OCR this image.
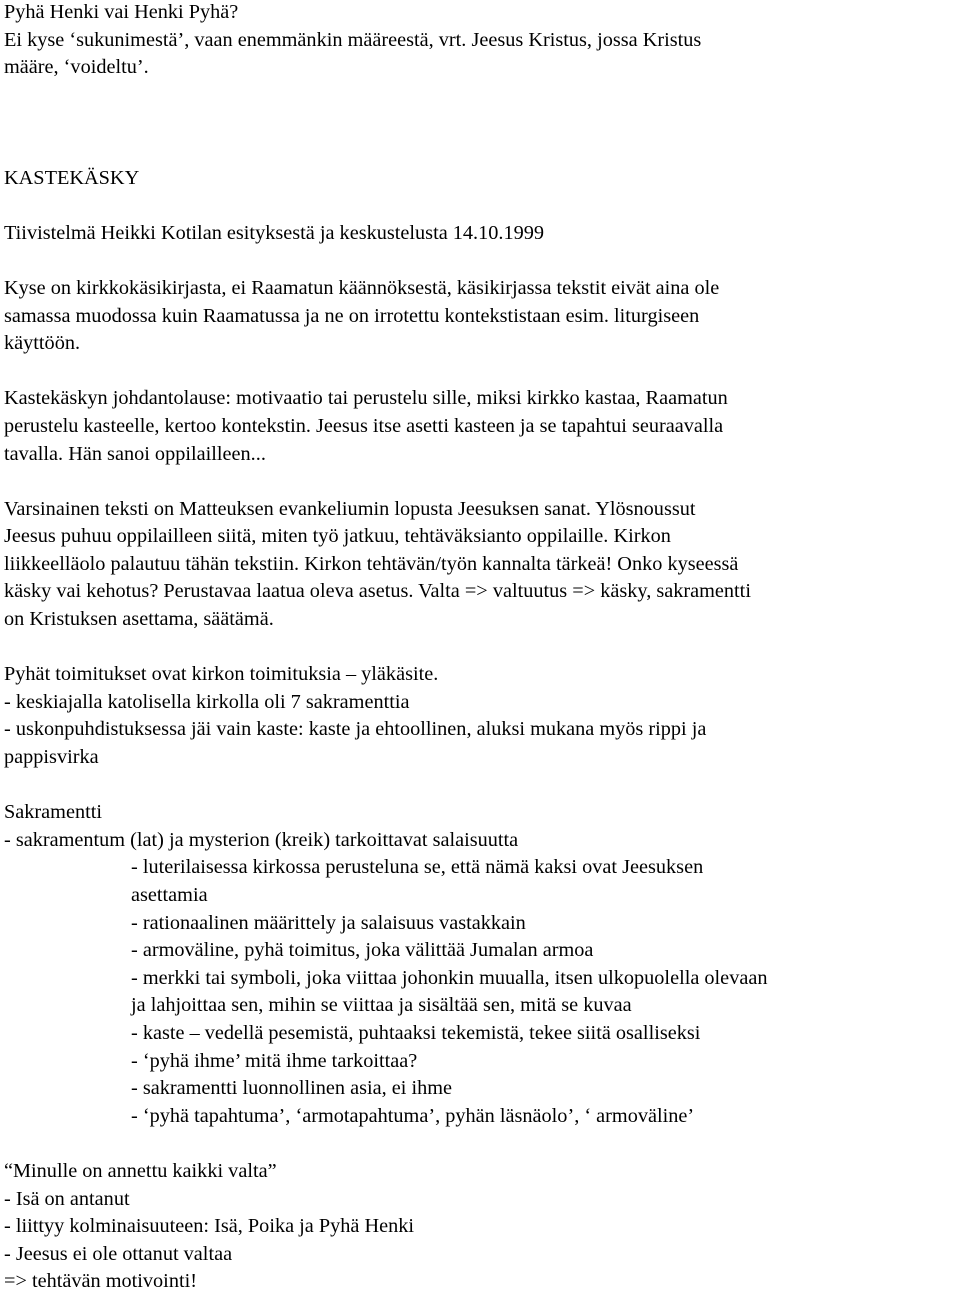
Pyhä Henki vai Henki Pyhä?
Ei kyse ‘sukunimestä’, vaan enemmänkin määreestä, vrt. Jeesus Kristus, jossa Kristus
määre, ‘voideltu’.
KASTEKÄSKY
Tiivistelmä Heikki Kotilan esityksestä ja keskustelusta 14.10.1999
Kyse on kirkkokäsikirjasta, ei Raamatun käännöksestä, käsikirjassa tekstit eivät aina ole
samassa muodossa kuin Raamatussa ja ne on irrotettu kontekstistaan esim. liturgiseen
käyttöön.
Kastekäskyn johdantolause: motivaatio tai perustelu sille, miksi kirkko kastaa, Raamatun
perustelu kasteelle, kertoo kontekstin. Jeesus itse asetti kasteen ja se tapahtui seuraavalla
tavalla. Hän sanoi oppilailleen...
Varsinainen teksti on Matteuksen evankeliumin lopusta Jeesuksen sanat. Ylösnoussut
Jeesus puhuu oppilailleen siitä, miten työ jatkuu, tehtäväksianto oppilaille. Kirkon
liikkeelläolo palautuu tähän tekstiin. Kirkon tehtävän/työn kannalta tärkeä! Onko kyseessä
käsky vai kehotus? Perustavaa laatua oleva asetus. Valta => valtuutus => käsky, sakramentti
on Kristuksen asettama, säätämä.
Pyhät toimitukset ovat kirkon toimituksia – yläkäsite.
- keskiajalla katolisella kirkolla oli 7 sakramenttia
- uskonpuhdistuksessa jäi vain kaste: kaste ja ehtoollinen, aluksi mukana myös rippi ja
pappisvirka
Sakramentti
- sakramentum (lat) ja mysterion (kreik) tarkoittavat salaisuutta
- luterilaisessa kirkossa perusteluna se, että nämä kaksi ovat Jeesuksen
asettamia
- rationaalinen määrittely ja salaisuus vastakkain
- armoväline, pyhä toimitus, joka välittää Jumalan armoa
- merkki tai symboli, joka viittaa johonkin muualla, itsen ulkopuolella olevaan
ja lahjoittaa sen, mihin se viittaa ja sisältää sen, mitä se kuvaa
- kaste – vedellä pesemistä, puhtaaksi tekemistä, tekee siitä osalliseksi
- ‘pyhä ihme’ mitä ihme tarkoittaa?
- sakramentti luonnollinen asia, ei ihme
- ‘pyhä tapahtuma’, ‘armotapahtuma’, pyhän läsnäolo’, ‘ armoväline’
“Minulle on annettu kaikki valta”
- Isä on antanut
- liittyy kolminaisuuteen: Isä, Poika ja Pyhä Henki
- Jeesus ei ole ottanut valtaa
=> tehtävän motivointi!
